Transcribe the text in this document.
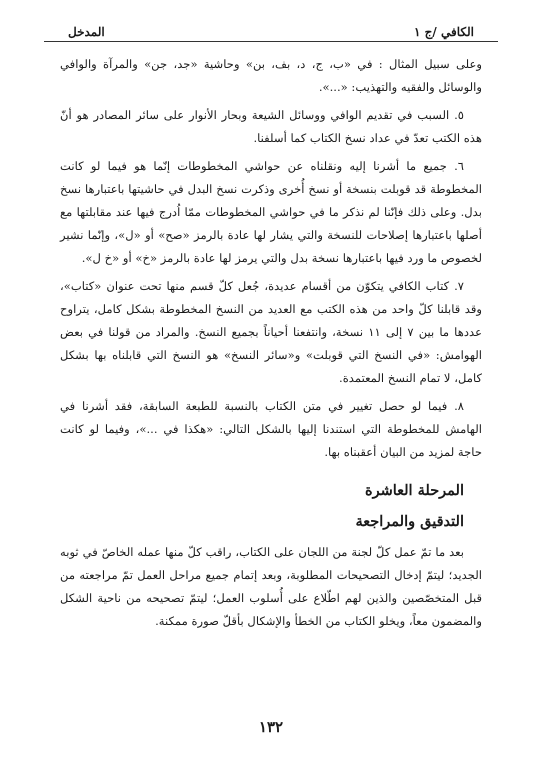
الكافي /ج ١
المدخل

وعلى سبيل المثال : في «ب، ج، د، بف، بن» وحاشية «جد، جن» والمرآة والوافي والوسائل والفقيه والتهذيب: «...».

٥. السبب في تقديم الوافي ووسائل الشيعة وبحار الأنوار على سائر المصادر هو أنّ هذه الكتب تعدّ في عداد نسخ الكتاب كما أسلفنا.

٦. جميع ما أشرنا إليه ونقلناه عن حواشي المخطوطات إنّما هو فيما لو كانت المخطوطة قد قوبلت بنسخة أو نسخ أُخرى وذكرت نسخ البدل في حاشيتها باعتبارها نسخ بدل. وعلى ذلك فإنّنا لم نذكر ما في حواشي المخطوطات ممّا اُدرج فيها عند مقابلتها مع أصلها باعتبارها إصلاحات للنسخة والتي يشار لها عادة بالرمز «صح» أو «ل»، وإنّما نشير لخصوص ما ورد فيها باعتبارها نسخة بدل والتي يرمز لها عادة بالرمز «خ» أو «خ ل».

٧. كتاب الكافي يتكوّن من أقسام عديدة، جُعل كلّ قسم منها تحت عنوان «كتاب»، وقد قابلنا كلّ واحد من هذه الكتب مع العديد من النسخ المخطوطة بشكل كامل، يتراوح عددها ما بين ٧ إلى ١١ نسخة، وانتفعنا أحياناً بجميع النسخ. والمراد من قولنا في بعض الهوامش: «في النسخ التي قوبلت» و«سائر النسخ» هو النسخ التي قابلناه بها بشكل كامل، لا تمام النسخ المعتمدة.

٨. فيما لو حصل تغيير في متن الكتاب بالنسبة للطبعة السابقة، فقد أشرنا في الهامش للمخطوطة التي استندنا إليها بالشكل التالي: «هكذا في ...»، وفيما لو كانت حاجة لمزيد من البيان أعقبناه بها.

المرحلة العاشرة

التدقيق والمراجعة

بعد ما تمّ عمل كلّ لجنة من اللجان على الكتاب، راقب كلّ منها عمله الخاصّ في ثوبه الجديد؛ ليتمّ إدخال التصحيحات المطلوبة، وبعد إتمام جميع مراحل العمل تمّ مراجعته من قبل المتخصّصين والذين لهم اطّلاع على أُسلوب العمل؛ ليتمّ تصحيحه من ناحية الشكل والمضمون معاً، ويخلو الكتاب من الخطأ والإشكال بأقلّ صورة ممكنة.

١٣٢
